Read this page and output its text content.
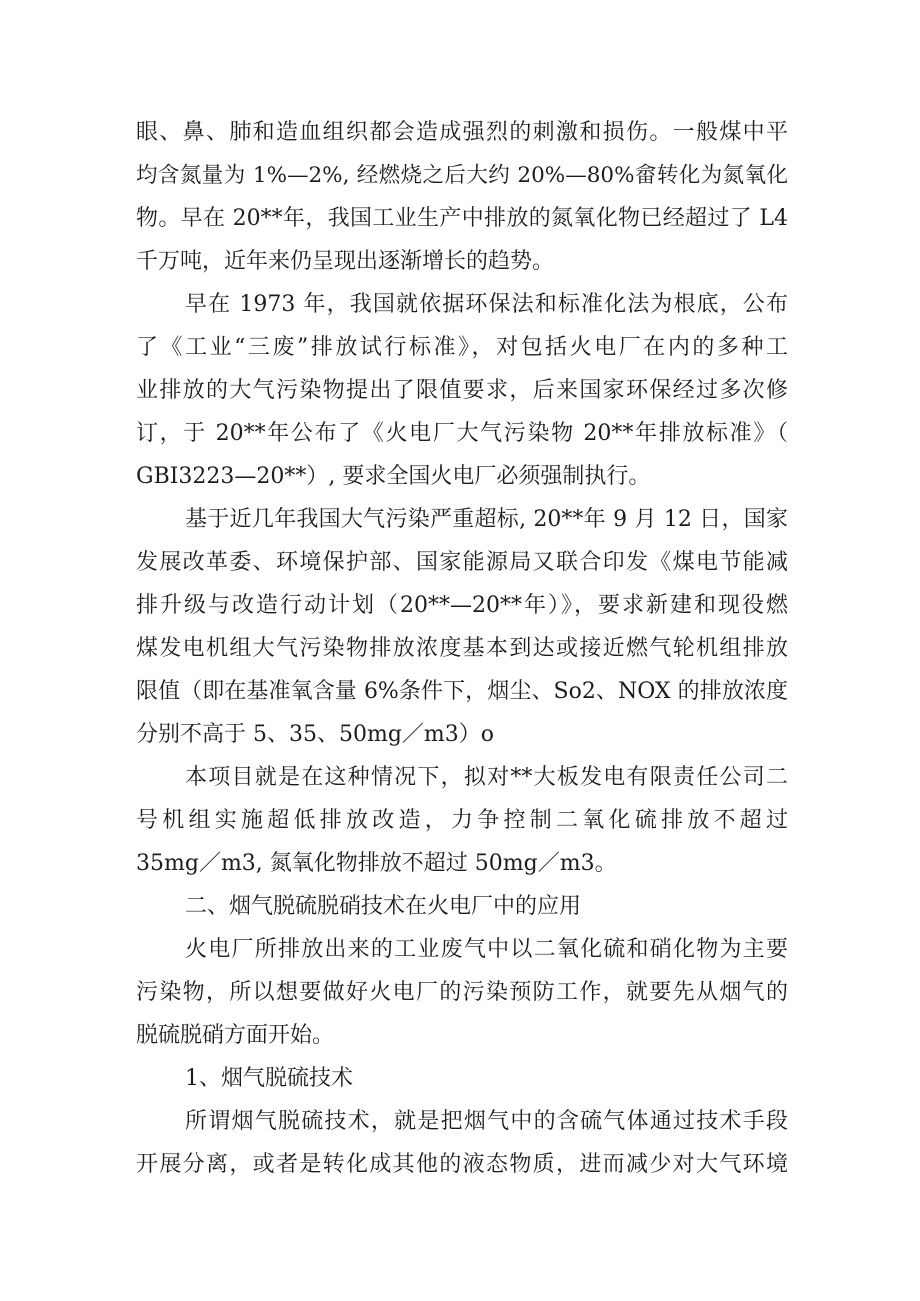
眼、鼻、肺和造血组织都会造成强烈的刺激和损伤。一般煤中平
均含氮量为 1%—2%, 经燃烧之后大约 20%—80%畲转化为氮氧化
物。早在 20**年，我国工业生产中排放的氮氧化物已经超过了 L4
千万吨，近年来仍呈现出逐渐增长的趋势。
早在 1973 年，我国就依据环保法和标准化法为根底，公布
了《工业“三废”排放试行标准》，对包括火电厂在内的多种工
业排放的大气污染物提出了限值要求，后来国家环保经过多次修
订，于 20**年公布了《火电厂大气污染物 20**年排放标准》（
GBI3223—20**）, 要求全国火电厂必须强制执行。
基于近几年我国大气污染严重超标, 20**年 9 月 12 日，国家
发展改革委、环境保护部、国家能源局又联合印发《煤电节能减
排升级与改造行动计划（20**—20**年）》，要求新建和现役燃
煤发电机组大气污染物排放浓度基本到达或接近燃气轮机组排放
限值（即在基准氧含量 6%条件下，烟尘、So2、NOX 的排放浓度
分别不高于 5、35、50mg／m3）o
本项目就是在这种情况下，拟对**大板发电有限责任公司二
号机组实施超低排放改造，力争控制二氧化硫排放不超过
35mg／m3, 氮氧化物排放不超过 50mg／m3。
二、烟气脱硫脱硝技术在火电厂中的应用
火电厂所排放出来的工业废气中以二氧化硫和硝化物为主要
污染物，所以想要做好火电厂的污染预防工作，就要先从烟气的
脱硫脱硝方面开始。
1、烟气脱硫技术
所谓烟气脱硫技术，就是把烟气中的含硫气体通过技术手段
开展分离，或者是转化成其他的液态物质，进而减少对大气环境
